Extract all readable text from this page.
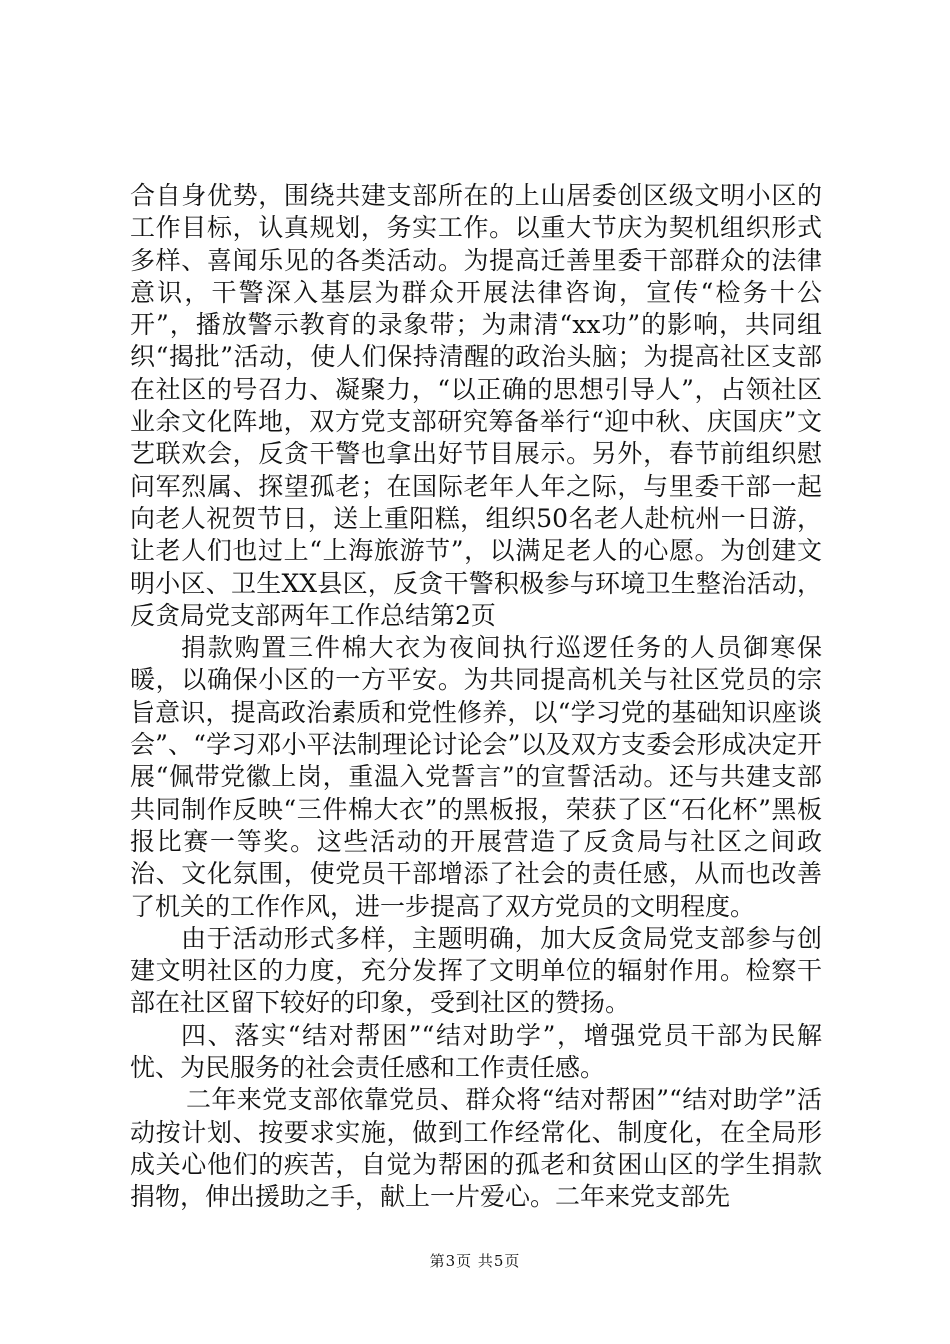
合自身优势，围绕共建支部所在的上山居委创区级文明小区的工作目标，认真规划，务实工作。以重大节庆为契机组织形式多样、喜闻乐见的各类活动。为提高迁善里委干部群众的法律意识，干警深入基层为群众开展法律咨询，宣传“检务十公开”，播放警示教育的录象带；为肃清“xx功”的影响，共同组织“揭批”活动，使人们保持清醒的政治头脑；为提高社区支部在社区的号召力、凝聚力，“以正确的思想引导人”，占领社区业余文化阵地，双方党支部研究筹备举行“迎中秋、庆国庆”文艺联欢会，反贪干警也拿出好节目展示。另外，春节前组织慰问军烈属、探望孤老；在国际老年人年之际，与里委干部一起向老人祝贺节日，送上重阳糕，组织50名老人赴杭州一日游，让老人们也过上“上海旅游节”，以满足老人的心愿。为创建文明小区、卫生XX县区，反贪干警积极参与环境卫生整治活动，反贪局党支部两年工作总结第2页

捐款购置三件棉大衣为夜间执行巡逻任务的人员御寒保暖，以确保小区的一方平安。为共同提高机关与社区党员的宗旨意识，提高政治素质和党性修养，以“学习党的基础知识座谈会”、“学习邓小平法制理论讨论会”以及双方支委会形成决定开展“佩带党徽上岗，重温入党誓言”的宣誓活动。还与共建支部共同制作反映“三件棉大衣”的黑板报，荣获了区“石化杯”黑板报比赛一等奖。这些活动的开展营造了反贪局与社区之间政治、文化氛围，使党员干部增添了社会的责任感，从而也改善了机关的工作作风，进一步提高了双方党员的文明程度。

由于活动形式多样，主题明确，加大反贪局党支部参与创建文明社区的力度，充分发挥了文明单位的辐射作用。检察干部在社区留下较好的印象，受到社区的赞扬。

四、落实“结对帮困”“结对助学”，增强党员干部为民解忧、为民服务的社会责任感和工作责任感。

二年来党支部依靠党员、群众将“结对帮困”“结对助学”活动按计划、按要求实施，做到工作经常化、制度化，在全局形成关心他们的疾苦，自觉为帮困的孤老和贫困山区的学生捐款捐物，伸出援助之手，献上一片爱心。二年来党支部先

第3页 共5页
